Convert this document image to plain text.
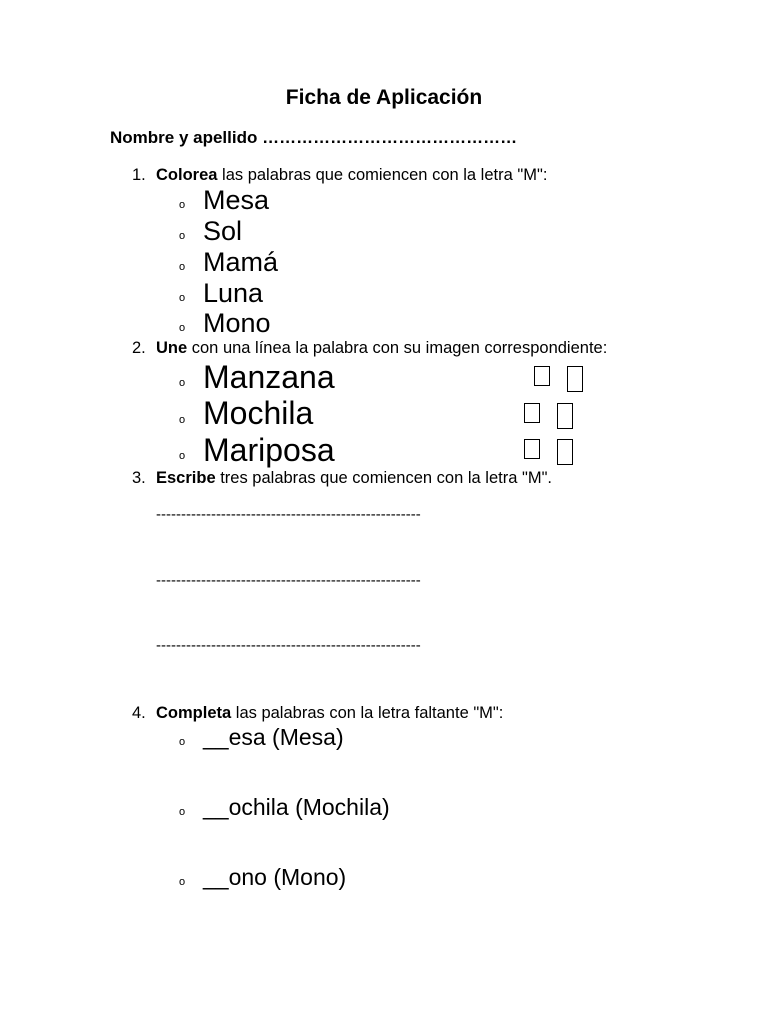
Ficha de Aplicación
Nombre y apellido ………………………………………
1. Colorea las palabras que comiencen con la letra "M":
o Mesa
o Sol
o Mamá
o Luna
o Mono
2. Une con una línea la palabra con su imagen correspondiente:
o Manzana
o Mochila
o Mariposa
3. Escribe tres palabras que comiencen con la letra "M".
-----------------------------------------------------
-----------------------------------------------------
-----------------------------------------------------
4. Completa las palabras con la letra faltante "M":
o __esa (Mesa)
o __ochila (Mochila)
o __ono (Mono)
